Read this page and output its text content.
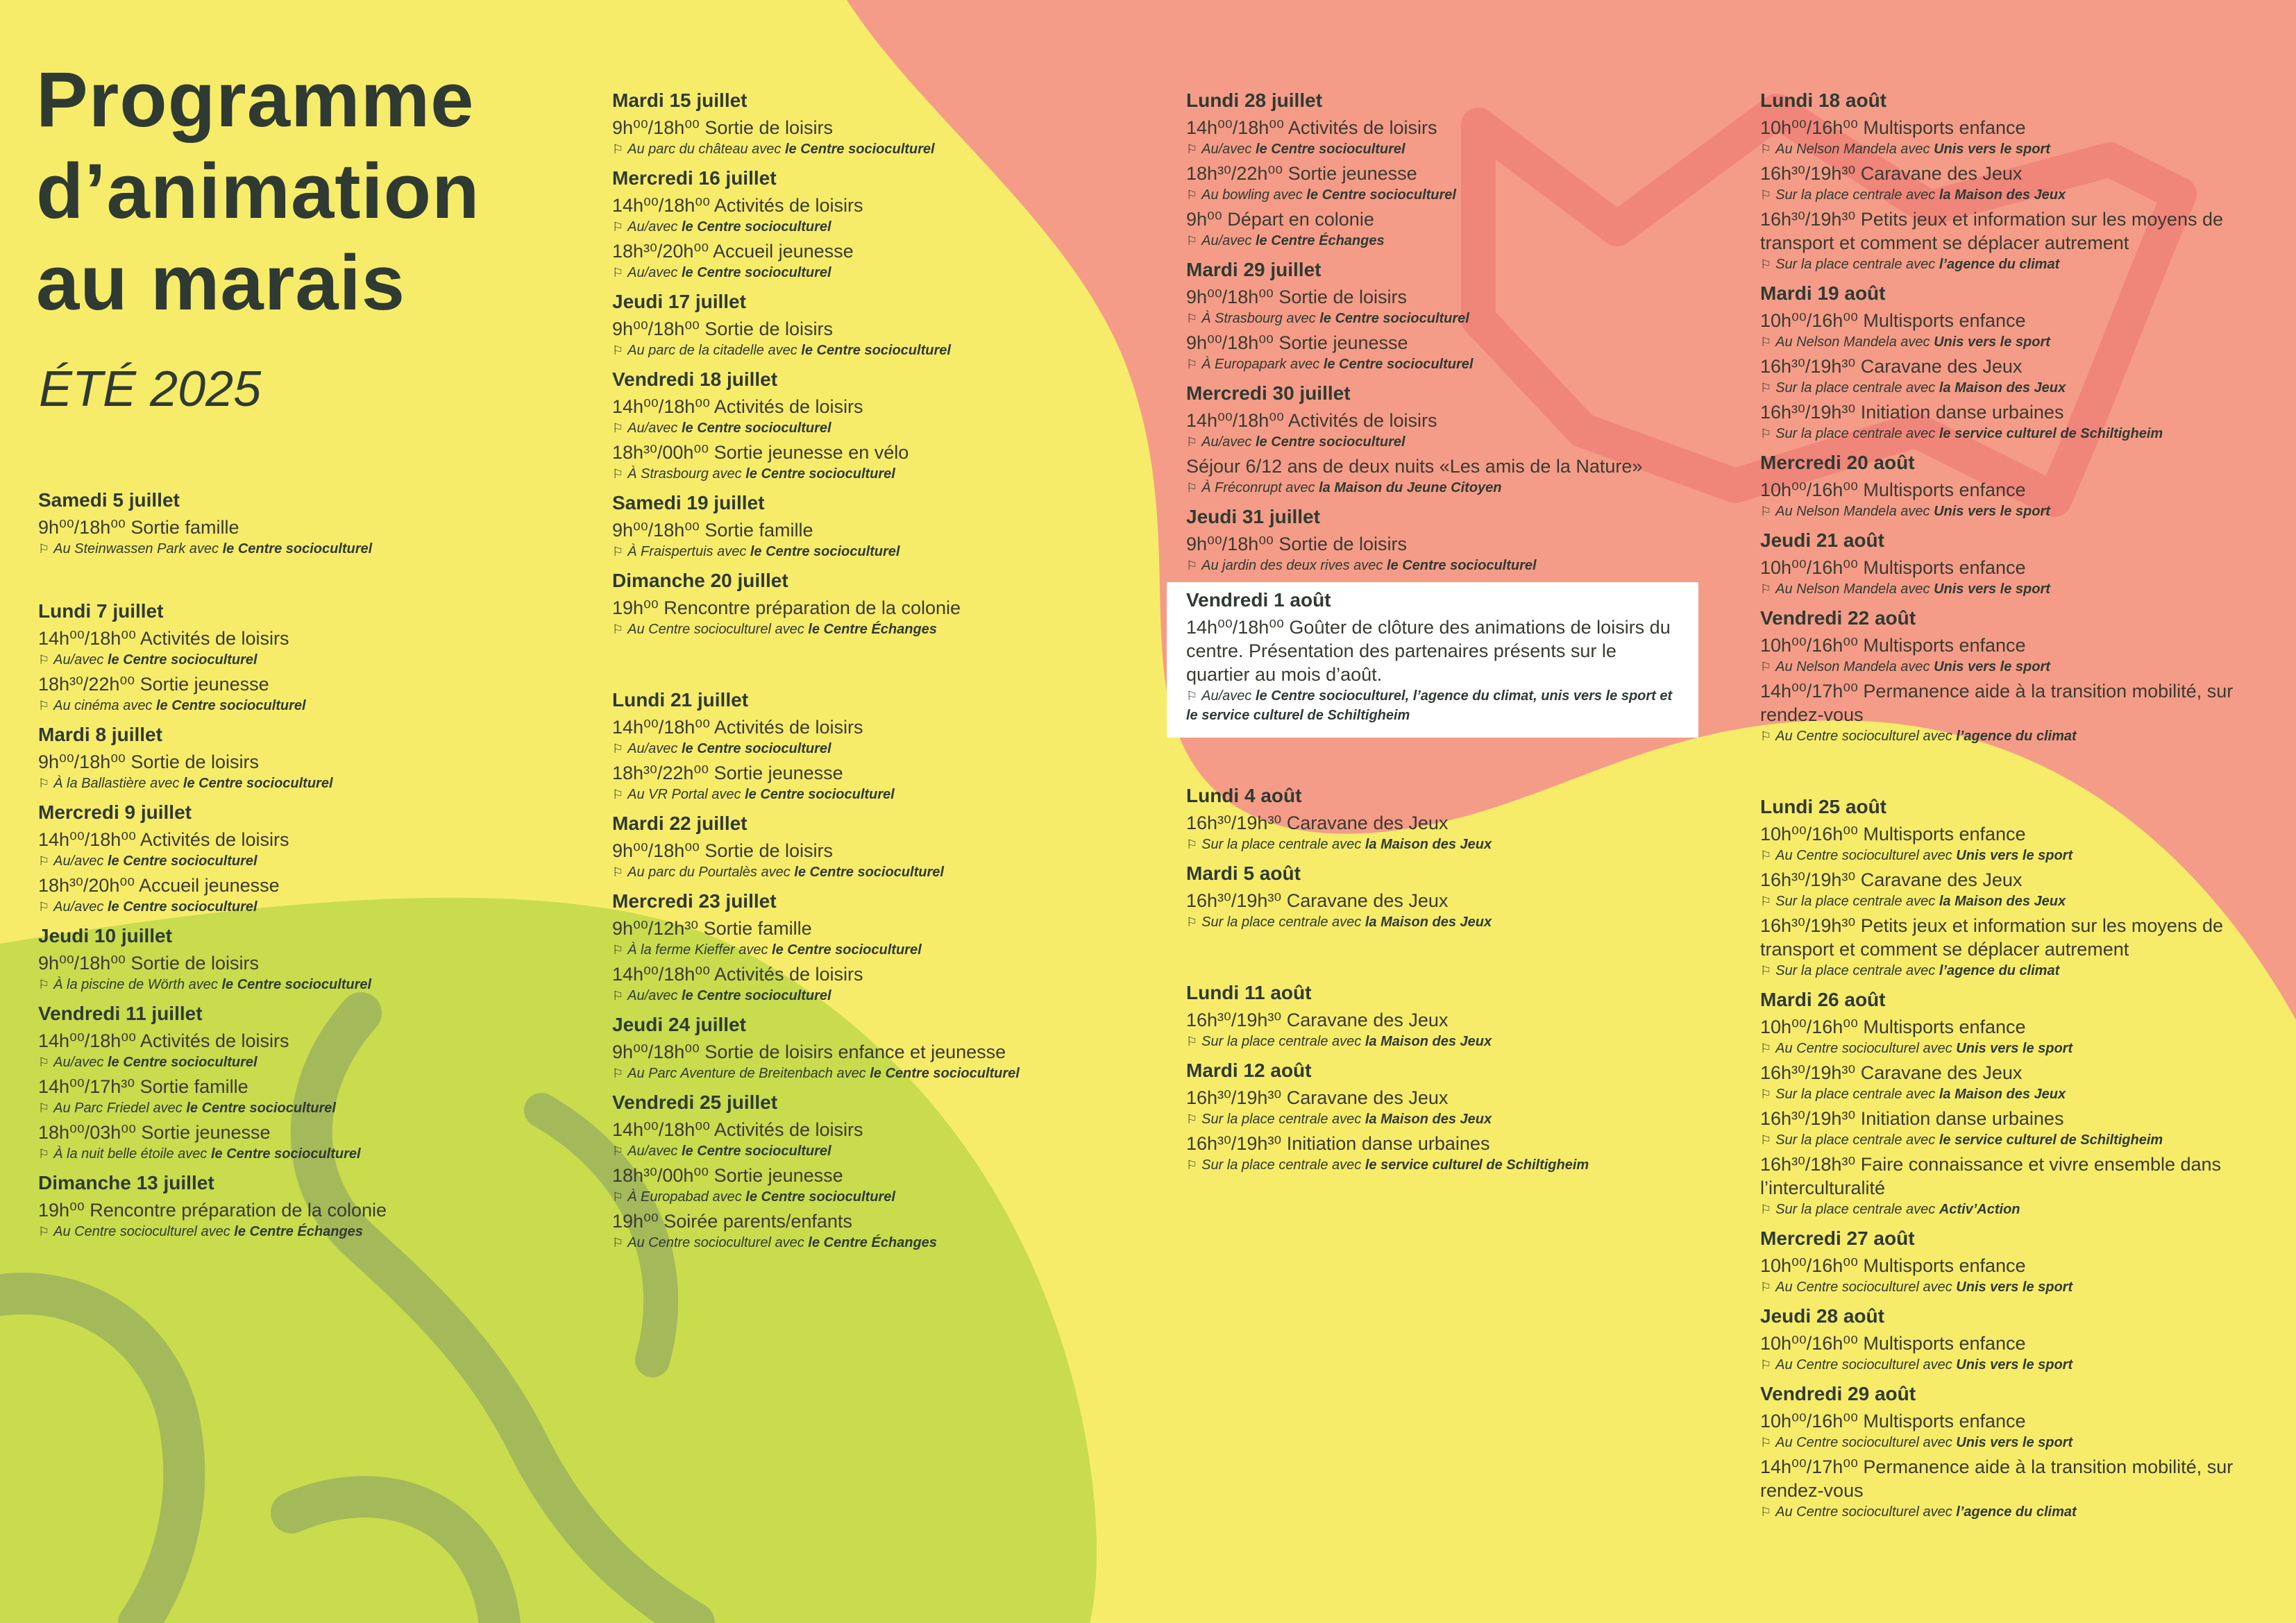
Programme
d’animation
au marais
ÉTÉ 2025
Samedi 5 juillet
9h⁰⁰/18h⁰⁰ Sortie famille
⚐ Au Steinwassen Park avec le Centre socioculturel
Lundi 7 juillet
14h⁰⁰/18h⁰⁰ Activités de loisirs
⚐ Au/avec le Centre socioculturel
18h³⁰/22h⁰⁰ Sortie jeunesse
⚐ Au cinéma avec le Centre socioculturel
Mardi 8 juillet
9h⁰⁰/18h⁰⁰ Sortie de loisirs
⚐ À la Ballastière avec le Centre socioculturel
Mercredi 9 juillet
14h⁰⁰/18h⁰⁰ Activités de loisirs
⚐ Au/avec le Centre socioculturel
18h³⁰/20h⁰⁰ Accueil jeunesse
⚐ Au/avec le Centre socioculturel
Jeudi 10 juillet
9h⁰⁰/18h⁰⁰ Sortie de loisirs
⚐ À la piscine de Wörth avec le Centre socioculturel
Vendredi 11 juillet
14h⁰⁰/18h⁰⁰ Activités de loisirs
⚐ Au/avec le Centre socioculturel
14h⁰⁰/17h³⁰ Sortie famille
⚐ Au Parc Friedel avec le Centre socioculturel
18h⁰⁰/03h⁰⁰ Sortie jeunesse
⚐ À la nuit belle étoile avec le Centre socioculturel
Dimanche 13 juillet
19h⁰⁰ Rencontre préparation de la colonie
⚐ Au Centre socioculturel avec le Centre Échanges
Mardi 15 juillet
9h⁰⁰/18h⁰⁰ Sortie de loisirs
⚐ Au parc du château avec le Centre socioculturel
Mercredi 16 juillet
14h⁰⁰/18h⁰⁰ Activités de loisirs
⚐ Au/avec le Centre socioculturel
18h³⁰/20h⁰⁰ Accueil jeunesse
⚐ Au/avec le Centre socioculturel
Jeudi 17 juillet
9h⁰⁰/18h⁰⁰ Sortie de loisirs
⚐ Au parc de la citadelle avec le Centre socioculturel
Vendredi 18 juillet
14h⁰⁰/18h⁰⁰ Activités de loisirs
⚐ Au/avec le Centre socioculturel
18h³⁰/00h⁰⁰ Sortie jeunesse en vélo
⚐ À Strasbourg avec le Centre socioculturel
Samedi 19 juillet
9h⁰⁰/18h⁰⁰ Sortie famille
⚐ À Fraispertuis avec le Centre socioculturel
Dimanche 20 juillet
19h⁰⁰ Rencontre préparation de la colonie
⚐ Au Centre socioculturel avec le Centre Échanges
Lundi 21 juillet
14h⁰⁰/18h⁰⁰ Activités de loisirs
⚐ Au/avec le Centre socioculturel
18h³⁰/22h⁰⁰ Sortie jeunesse
⚐ Au VR Portal avec le Centre socioculturel
Mardi 22 juillet
9h⁰⁰/18h⁰⁰ Sortie de loisirs
⚐ Au parc du Pourtalès avec le Centre socioculturel
Mercredi 23 juillet
9h⁰⁰/12h³⁰ Sortie famille
⚐ À la ferme Kieffer avec le Centre socioculturel
14h⁰⁰/18h⁰⁰ Activités de loisirs
⚐ Au/avec le Centre socioculturel
Jeudi 24 juillet
9h⁰⁰/18h⁰⁰ Sortie de loisirs enfance et jeunesse
⚐ Au Parc Aventure de Breitenbach avec le Centre socioculturel
Vendredi 25 juillet
14h⁰⁰/18h⁰⁰ Activités de loisirs
⚐ Au/avec le Centre socioculturel
18h³⁰/00h⁰⁰ Sortie jeunesse
⚐ À Europabad avec le Centre socioculturel
19h⁰⁰ Soirée parents/enfants
⚐ Au Centre socioculturel avec le Centre Échanges
Lundi 28 juillet
14h⁰⁰/18h⁰⁰ Activités de loisirs
⚐ Au/avec le Centre socioculturel
18h³⁰/22h⁰⁰ Sortie jeunesse
⚐ Au bowling avec le Centre socioculturel
9h⁰⁰ Départ en colonie
⚐ Au/avec le Centre Échanges
Mardi 29 juillet
9h⁰⁰/18h⁰⁰ Sortie de loisirs
⚐ À Strasbourg avec le Centre socioculturel
9h⁰⁰/18h⁰⁰ Sortie jeunesse
⚐ À Europapark avec le Centre socioculturel
Mercredi 30 juillet
14h⁰⁰/18h⁰⁰ Activités de loisirs
⚐ Au/avec le Centre socioculturel
Séjour 6/12 ans de deux nuits «Les amis de la Nature»
⚐ À Fréconrupt avec la Maison du Jeune Citoyen
Jeudi 31 juillet
9h⁰⁰/18h⁰⁰ Sortie de loisirs
⚐ Au jardin des deux rives avec le Centre socioculturel
Vendredi 1 août
14h⁰⁰/18h⁰⁰ Goûter de clôture des animations de loisirs du centre. Présentation des partenaires présents sur le quartier au mois d’août.
⚐ Au/avec le Centre socioculturel, l’agence du climat, unis vers le sport et le service culturel de Schiltigheim
Lundi 4 août
16h³⁰/19h³⁰ Caravane des Jeux
⚐ Sur la place centrale avec la Maison des Jeux
Mardi 5 août
16h³⁰/19h³⁰ Caravane des Jeux
⚐ Sur la place centrale avec la Maison des Jeux
Lundi 11 août
16h³⁰/19h³⁰ Caravane des Jeux
⚐ Sur la place centrale avec la Maison des Jeux
Mardi 12 août
16h³⁰/19h³⁰ Caravane des Jeux
⚐ Sur la place centrale avec la Maison des Jeux
16h³⁰/19h³⁰ Initiation danse urbaines
⚐ Sur la place centrale avec le service culturel de Schiltigheim
Lundi 18 août
10h⁰⁰/16h⁰⁰ Multisports enfance
⚐ Au Nelson Mandela avec Unis vers le sport
16h³⁰/19h³⁰ Caravane des Jeux
⚐ Sur la place centrale avec la Maison des Jeux
16h³⁰/19h³⁰ Petits jeux et information sur les moyens de transport et comment se déplacer autrement
⚐ Sur la place centrale avec l’agence du climat
Mardi 19 août
10h⁰⁰/16h⁰⁰ Multisports enfance
⚐ Au Nelson Mandela avec Unis vers le sport
16h³⁰/19h³⁰ Caravane des Jeux
⚐ Sur la place centrale avec la Maison des Jeux
16h³⁰/19h³⁰ Initiation danse urbaines
⚐ Sur la place centrale avec le service culturel de Schiltigheim
Mercredi 20 août
10h⁰⁰/16h⁰⁰ Multisports enfance
⚐ Au Nelson Mandela avec Unis vers le sport
Jeudi 21 août
10h⁰⁰/16h⁰⁰ Multisports enfance
⚐ Au Nelson Mandela avec Unis vers le sport
Vendredi 22 août
10h⁰⁰/16h⁰⁰ Multisports enfance
⚐ Au Nelson Mandela avec Unis vers le sport
14h⁰⁰/17h⁰⁰ Permanence aide à la transition mobilité, sur rendez-vous
⚐ Au Centre socioculturel avec l’agence du climat
Lundi 25 août
10h⁰⁰/16h⁰⁰ Multisports enfance
⚐ Au Centre socioculturel avec Unis vers le sport
16h³⁰/19h³⁰ Caravane des Jeux
⚐ Sur la place centrale avec la Maison des Jeux
16h³⁰/19h³⁰ Petits jeux et information sur les moyens de transport et comment se déplacer autrement
⚐ Sur la place centrale avec l’agence du climat
Mardi 26 août
10h⁰⁰/16h⁰⁰ Multisports enfance
⚐ Au Centre socioculturel avec Unis vers le sport
16h³⁰/19h³⁰ Caravane des Jeux
⚐ Sur la place centrale avec la Maison des Jeux
16h³⁰/19h³⁰ Initiation danse urbaines
⚐ Sur la place centrale avec le service culturel de Schiltigheim
16h³⁰/18h³⁰ Faire connaissance et vivre ensemble dans l’interculturalité
⚐ Sur la place centrale avec Activ’Action
Mercredi 27 août
10h⁰⁰/16h⁰⁰ Multisports enfance
⚐ Au Centre socioculturel avec Unis vers le sport
Jeudi 28 août
10h⁰⁰/16h⁰⁰ Multisports enfance
⚐ Au Centre socioculturel avec Unis vers le sport
Vendredi 29 août
10h⁰⁰/16h⁰⁰ Multisports enfance
⚐ Au Centre socioculturel avec Unis vers le sport
14h⁰⁰/17h⁰⁰ Permanence aide à la transition mobilité, sur rendez-vous
⚐ Au Centre socioculturel avec l’agence du climat
